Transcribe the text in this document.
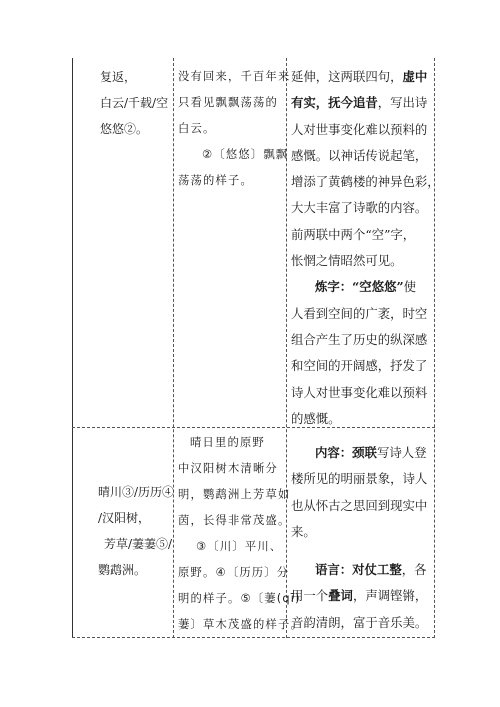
复返，
白云/千载/空
悠悠②。
没有回来，千百年来
只看见飘飘荡荡的
白云。
②〔悠悠〕飘飘
荡荡的样子。
延伸，这两联四句，虚中
有实，抚今追昔，写出诗
人对世事变化难以预料的
感慨。以神话传说起笔，
增添了黄鹤楼的神异色彩，
大大丰富了诗歌的内容。
前两联中两个“空”字，
怅惘之情昭然可见。
炼字：“空悠悠”使
人看到空间的广袤，时空
组合产生了历史的纵深感
和空间的开阔感，抒发了
诗人对世事变化难以预料
的感慨。
晴川③/历历④
/汉阳树，
芳草/萋萋⑤/
鹦鹉洲。
晴日里的原野
中汉阳树木清晰分
明，鹦鹉洲上芳草如
茵，长得非常茂盛。
③〔川〕平川、
原野。④〔历历〕分
明的样子。⑤〔萋(qī)
萋〕草木茂盛的样子。
内容：颈联写诗人登
楼所见的明丽景象，诗人
也从怀古之思回到现实中
来。
语言：对仗工整，各
用一个叠词，声调铿锵，
音韵清朗，富于音乐美。
